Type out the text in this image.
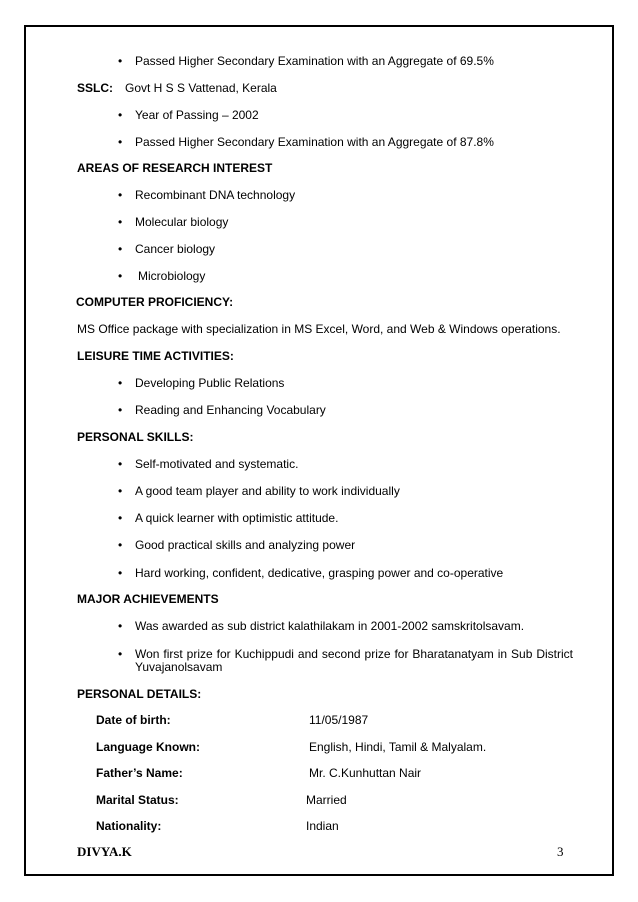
• Passed Higher Secondary Examination with an Aggregate of 69.5%
SSLC: Govt H S S Vattenad, Kerala
• Year of Passing – 2002
• Passed Higher Secondary Examination with an Aggregate of 87.8%
AREAS OF RESEARCH INTEREST
• Recombinant DNA technology
• Molecular biology
• Cancer biology
• Microbiology
COMPUTER PROFICIENCY:
MS Office package with specialization in MS Excel, Word, and Web & Windows operations.
LEISURE TIME ACTIVITIES:
• Developing Public Relations
• Reading and Enhancing Vocabulary
PERSONAL SKILLS:
• Self-motivated and systematic.
• A good team player and ability to work individually
• A quick learner with optimistic attitude.
• Good practical skills and analyzing power
• Hard working, confident, dedicative, grasping power and co-operative
MAJOR ACHIEVEMENTS
• Was awarded as sub district kalathilakam in 2001-2002 samskritolsavam.
• Won first prize for Kuchippudi and second prize for Bharatanatyam in Sub District
Yuvajanolsavam
PERSONAL DETAILS:
Date of birth:	11/05/1987
Language Known:	English, Hindi, Tamil & Malyalam.
Father’s Name:	Mr. C.Kunhuttan Nair
Marital Status:	Married
Nationality:	Indian
DIVYA.K	3
